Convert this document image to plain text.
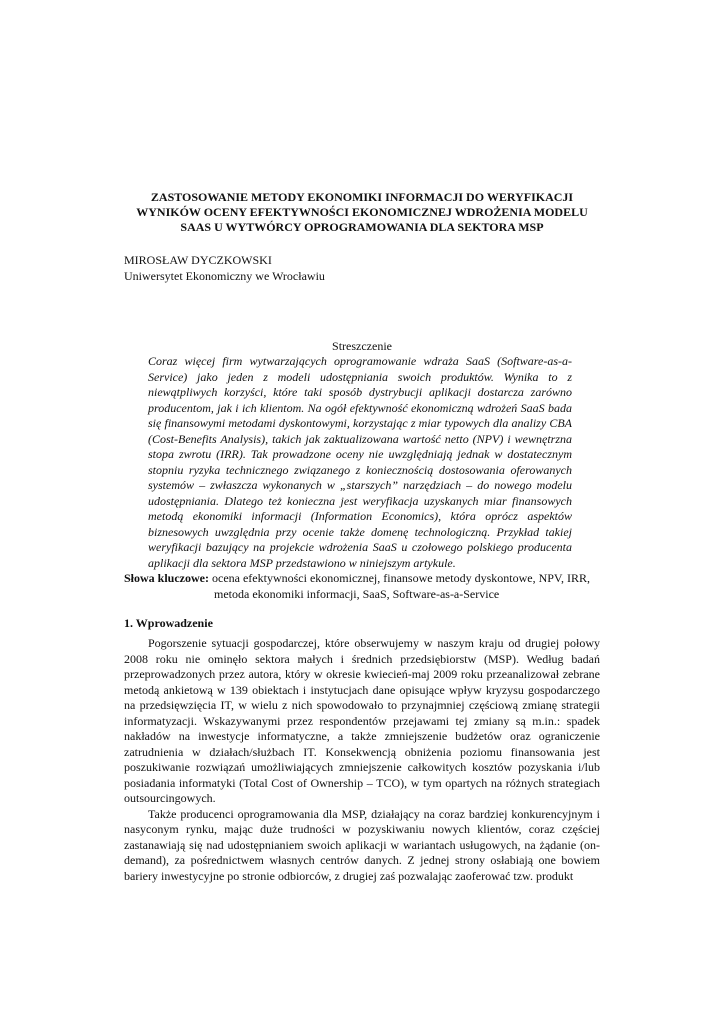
ZASTOSOWANIE METODY EKONOMIKI INFORMACJI DO WERYFIKACJI WYNIKÓW OCENY EFEKTYWNOŚCI EKONOMICZNEJ WDROŻENIA MODELU SAAS U WYTWÓRCY OPROGRAMOWANIA DLA SEKTORA MSP
MIROSŁAW DYCZKOWSKI
Uniwersytet Ekonomiczny we Wrocławiu
Streszczenie
Coraz więcej firm wytwarzających oprogramowanie wdraża SaaS (Software-as-a-Service) jako jeden z modeli udostępniania swoich produktów. Wynika to z niewątpliwych korzyści, które taki sposób dystrybucji aplikacji dostarcza zarówno producentom, jak i ich klientom. Na ogół efektywność ekonomiczną wdrożeń SaaS bada się finansowymi metodami dyskontowymi, korzystając z miar typowych dla analizy CBA (Cost-Benefits Analysis), takich jak zaktualizowana wartość netto (NPV) i wewnętrzna stopa zwrotu (IRR). Tak prowadzone oceny nie uwzględniają jednak w dostatecznym stopniu ryzyka technicznego związanego z koniecznością dostosowania oferowanych systemów – zwłaszcza wykonanych w „starszych” narzędziach – do nowego modelu udostępniania. Dlatego też konieczna jest weryfikacja uzyskanych miar finansowych metodą ekonomiki informacji (Information Economics), która oprócz aspektów biznesowych uwzględnia przy ocenie także domenę technologiczną. Przykład takiej weryfikacji bazujący na projekcie wdrożenia SaaS u czołowego polskiego producenta aplikacji dla sektora MSP przedstawiono w niniejszym artykule.
Słowa kluczowe: ocena efektywności ekonomicznej, finansowe metody dyskontowe, NPV, IRR,
metoda ekonomiki informacji, SaaS, Software-as-a-Service
1. Wprowadzenie

Pogorszenie sytuacji gospodarczej, które obserwujemy w naszym kraju od drugiej połowy 2008 roku nie ominęło sektora małych i średnich przedsiębiorstw (MSP). Według badań przeprowadzonych przez autora, który w okresie kwiecień-maj 2009 roku przeanalizował zebrane metodą ankietową w 139 obiektach i instytucjach dane opisujące wpływ kryzysu gospodarczego na przedsięwzięcia IT, w wielu z nich spowodowało to przynajmniej częściową zmianę strategii informatyzacji. Wskazywanymi przez respondentów przejawami tej zmiany są m.in.: spadek nakładów na inwestycje informatyczne, a także zmniejszenie budżetów oraz ograniczenie zatrudnienia w działach/służbach IT. Konsekwencją obniżenia poziomu finansowania jest poszukiwanie rozwiązań umożliwiających zmniejszenie całkowitych kosztów pozyskania i/lub posiadania informatyki (Total Cost of Ownership – TCO), w tym opartych na różnych strategiach outsourcingowych.

Także producenci oprogramowania dla MSP, działający na coraz bardziej konkurencyjnym i nasyconym rynku, mając duże trudności w pozyskiwaniu nowych klientów, coraz częściej zastanawiają się nad udostępnianiem swoich aplikacji w wariantach usługowych, na żądanie (on-demand), za pośrednictwem własnych centrów danych. Z jednej strony osłabiają one bowiem bariery inwestycyjne po stronie odbiorców, z drugiej zaś pozwalając zaoferować tzw. produkt
